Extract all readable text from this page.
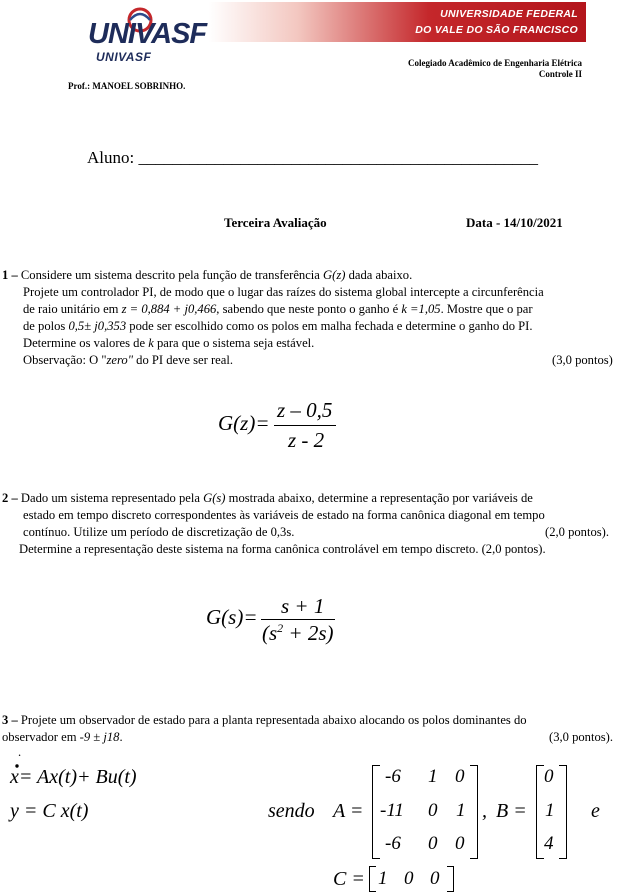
UNIVERSIDADE FEDERAL
DO VALE DO SÃO FRANCISCO
UNIVASF
UNIVASF	Colegiado Acadêmico de Engenharia Elétrica
Controle II
Prof.: MANOEL SOBRINHO.
Aluno: _______________________________________________
Terceira Avaliação	Data - 14/10/2021
1 – Considere um sistema descrito pela função de transferência G(z) dada abaixo.
Projete um controlador PI, de modo que o lugar das raízes do sistema global intercepte a circunferência
de raio unitário em z = 0,884 + j0,466, sabendo que neste ponto o ganho é k =1,05. Mostre que o par
de polos 0,5± j0,353 pode ser escolhido como os polos em malha fechada e determine o ganho do PI.
Determine os valores de k para que o sistema seja estável.
Observação: O "zero" do PI deve ser real.	(3,0 pontos)
G(z)=
z – 0,5
z - 2
2 – Dado um sistema representado pela G(s) mostrada abaixo, determine a representação por variáveis de
estado em tempo discreto correspondentes às variáveis de estado na forma canônica diagonal em tempo
contínuo. Utilize um período de discretização de 0,3s.	(2,0 pontos).
Determine a representação deste sistema na forma canônica controlável em tempo discreto. (2,0 pontos).
G(s)= s + 1
$(s^2 + 2s)$
3 – Projete um observador de estado para a planta representada abaixo alocando os polos dominantes do
observador em -9 ± j18.	(3,0 pontos).
.
x= Ax(t)+ Bu(t)
y = C x(t)	sendo A =
-6 1 0
-11 0 1
-6 0 0
, B =
0
1
4
e
C = 1 0 0
